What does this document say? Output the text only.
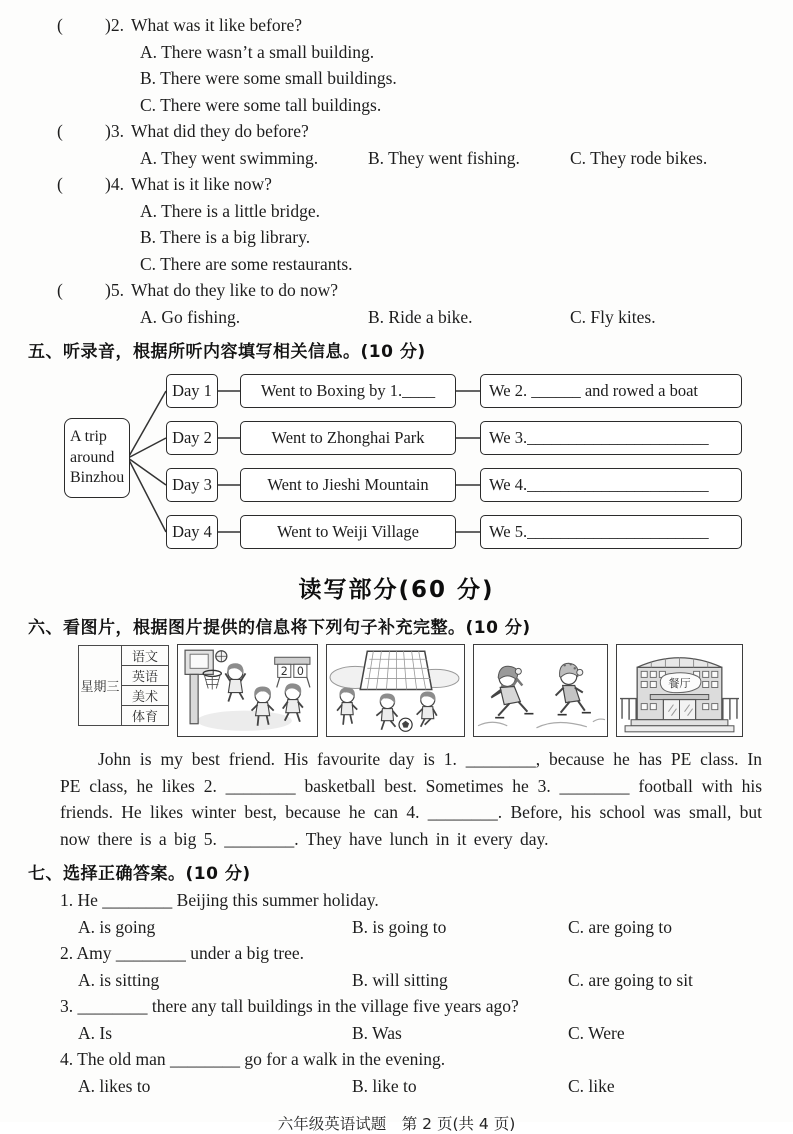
( )2. What was it like before?
A. There wasn’t a small building.
B. There were some small buildings.
C. There were some tall buildings.
( )3. What did they do before?
A. They went swimming.	B. They went fishing.	C. They rode bikes.
( )4. What is it like now?
A. There is a little bridge.
B. There is a big library.
C. There are some restaurants.
( )5. What do they like to do now?
A. Go fishing.	B. Ride a bike.	C. Fly kites.
五、听录音，根据所听内容填写相关信息。(10 分)
A trip
around
Binzhou
Day 1	Went to Boxing by 1.____	We 2. ______ and rowed a boat
Day 2	Went to Zhonghai Park	We 3.______________________
Day 3	Went to Jieshi Mountain	We 4.______________________
Day 4	Went to Weiji Village	We 5.______________________
读写部分(60 分)
六、看图片，根据图片提供的信息将下列句子补充完整。(10 分)
星期三	语文
英语
美术
体育
2 0
餐厅

John is my best friend. His favourite day is 1. ________, because he has PE class. In PE class, he likes 2. ________ basketball best. Sometimes he 3. ________ football with his friends. He likes winter best, because he can 4. ________. Before, his school was small, but now there is a big 5. ________. They have lunch in it every day.

七、选择正确答案。(10 分)
1. He ________ Beijing this summer holiday.
A. is going	B. is going to	C. are going to
2. Amy ________ under a big tree.
A. is sitting	B. will sitting	C. are going to sit
3. ________ there any tall buildings in the village five years ago?
A. Is	B. Was	C. Were
4. The old man ________ go for a walk in the evening.
A. likes to	B. like to	C. like
六年级英语试题　第 2 页(共 4 页)
